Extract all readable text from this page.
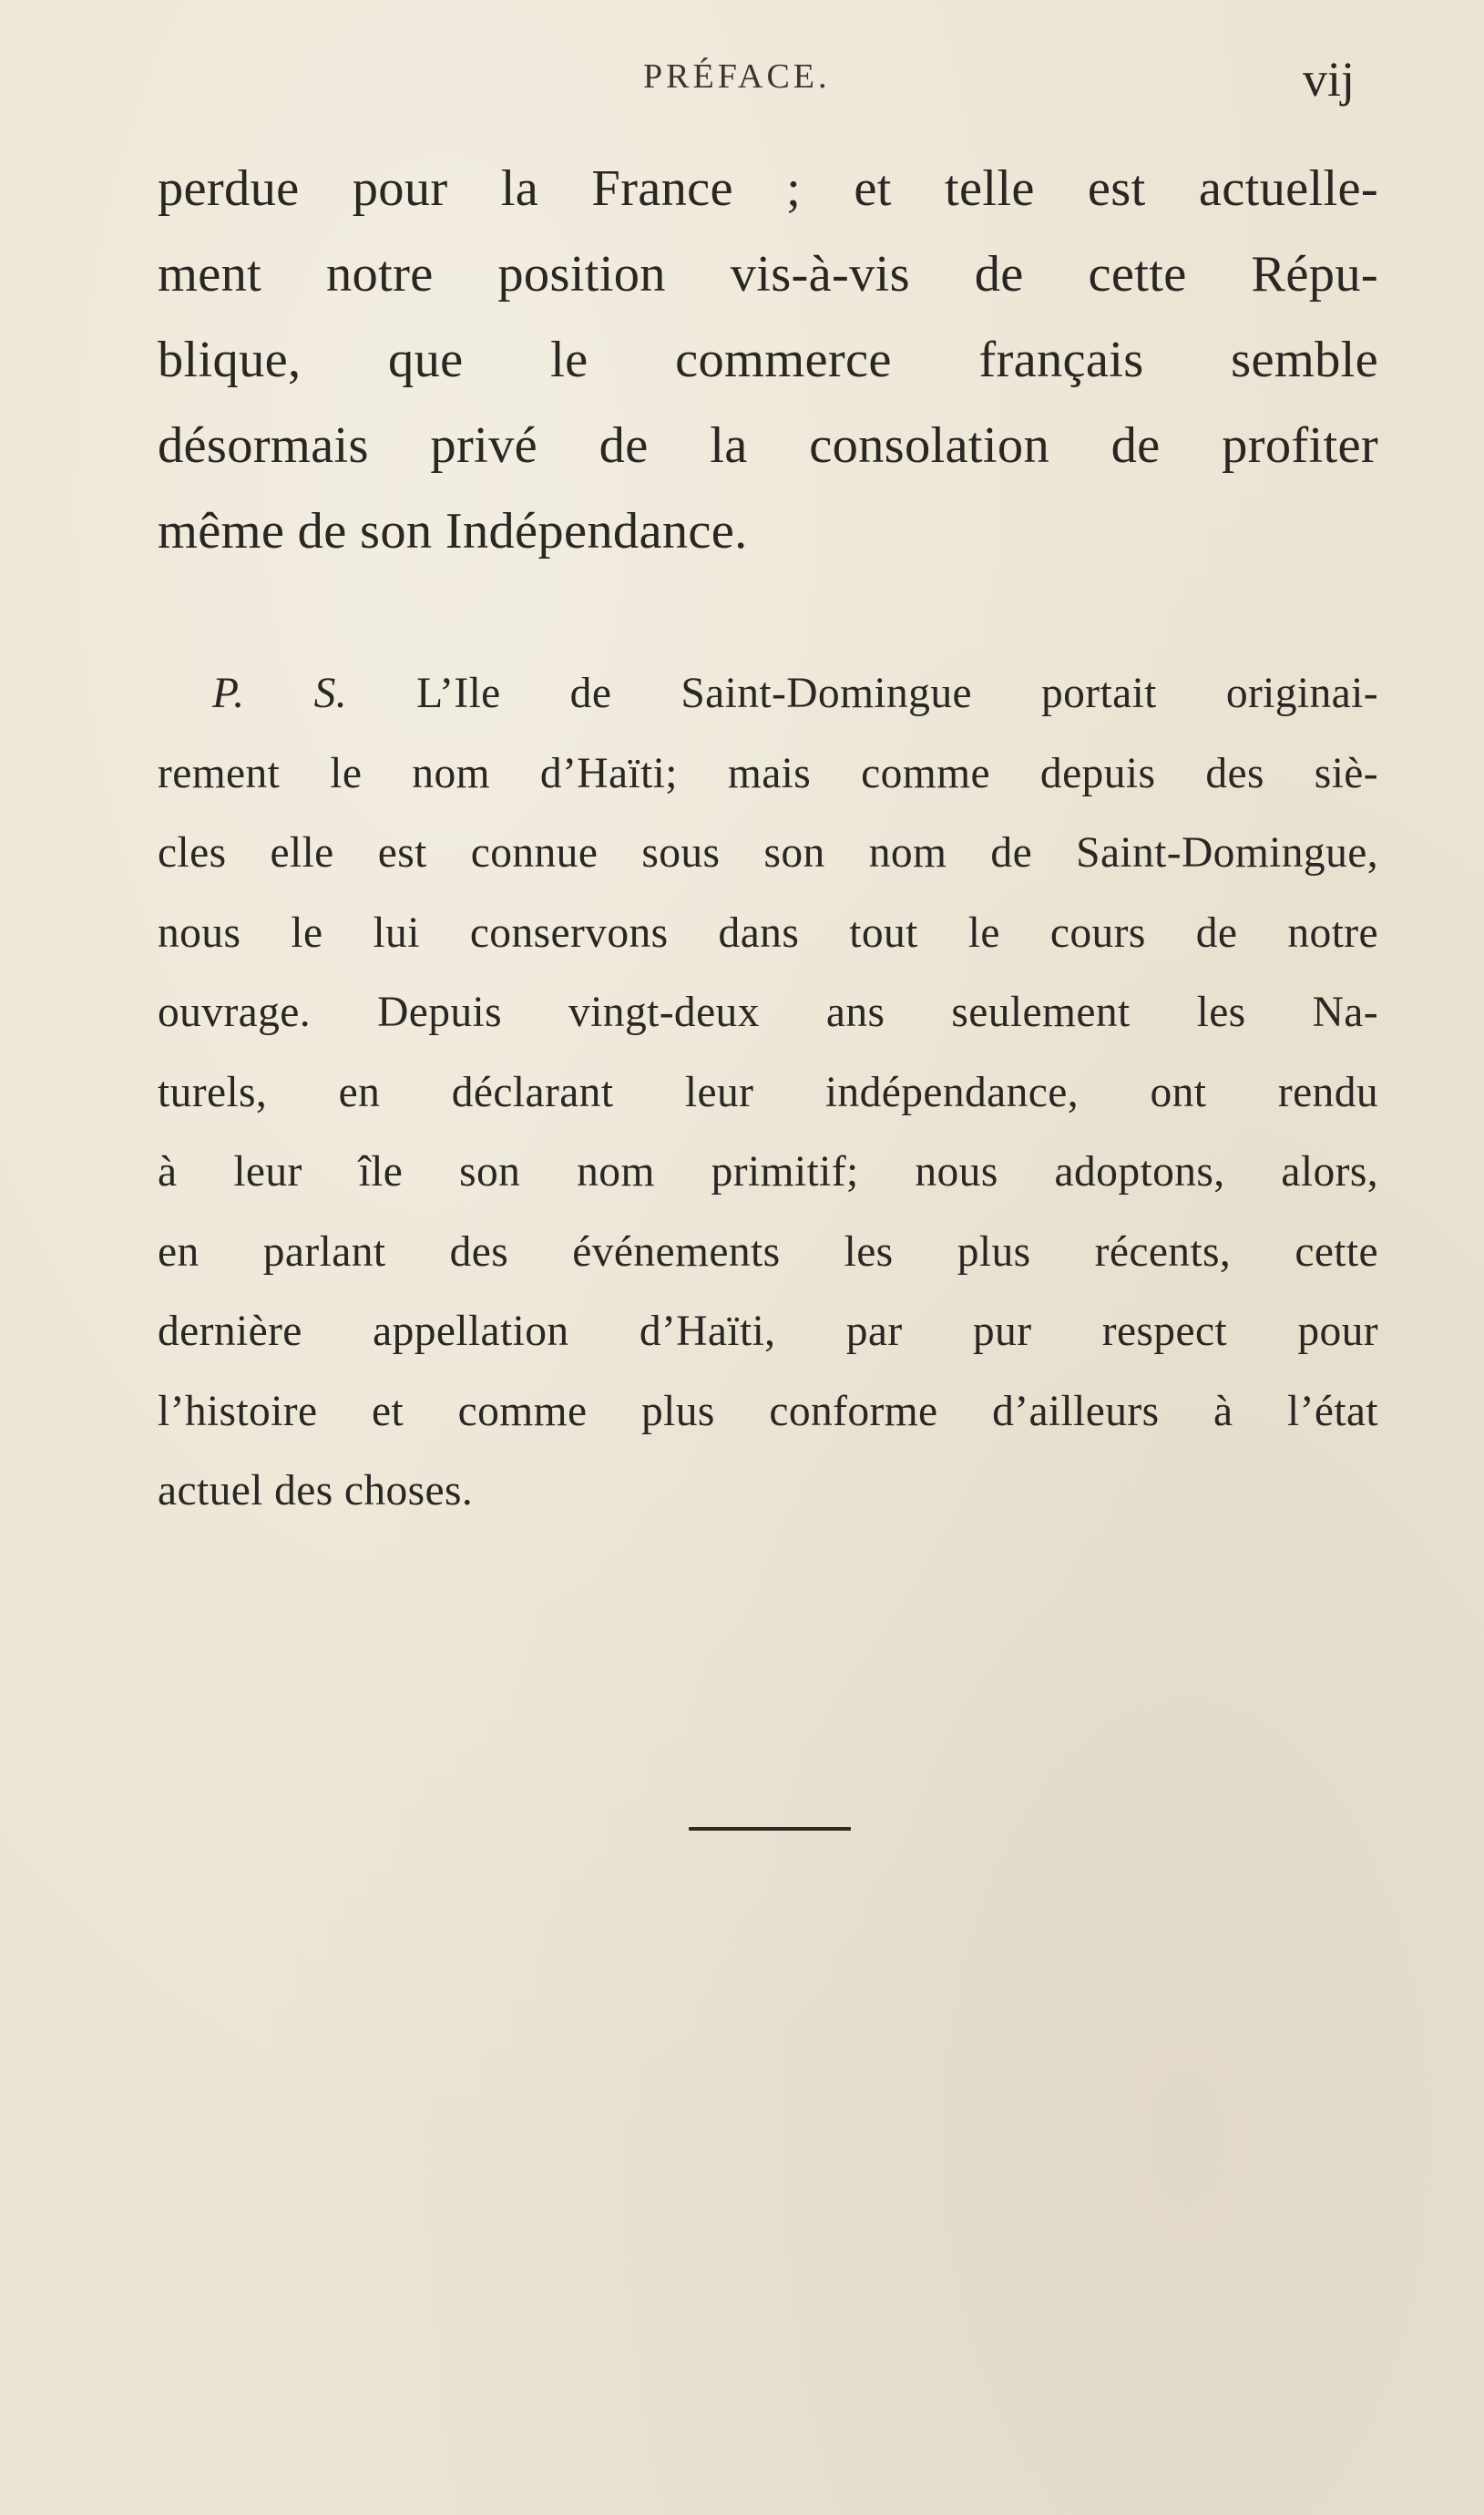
PRÉFACE.	vij
perdue pour la France ; et telle est actuelle-
ment notre position vis-à-vis de cette Répu-
blique, que le commerce français semble
désormais privé de la consolation de profiter
même de son Indépendance.
P. S. L’Ile de Saint-Domingue portait originai-
rement le nom d’Haïti; mais comme depuis des siè-
cles elle est connue sous son nom de Saint-Domingue,
nous le lui conservons dans tout le cours de notre
ouvrage. Depuis vingt-deux ans seulement les Na-
turels, en déclarant leur indépendance, ont rendu
à leur île son nom primitif; nous adoptons, alors,
en parlant des événements les plus récents, cette
dernière appellation d’Haïti, par pur respect pour
l’histoire et comme plus conforme d’ailleurs à l’état
actuel des choses.
